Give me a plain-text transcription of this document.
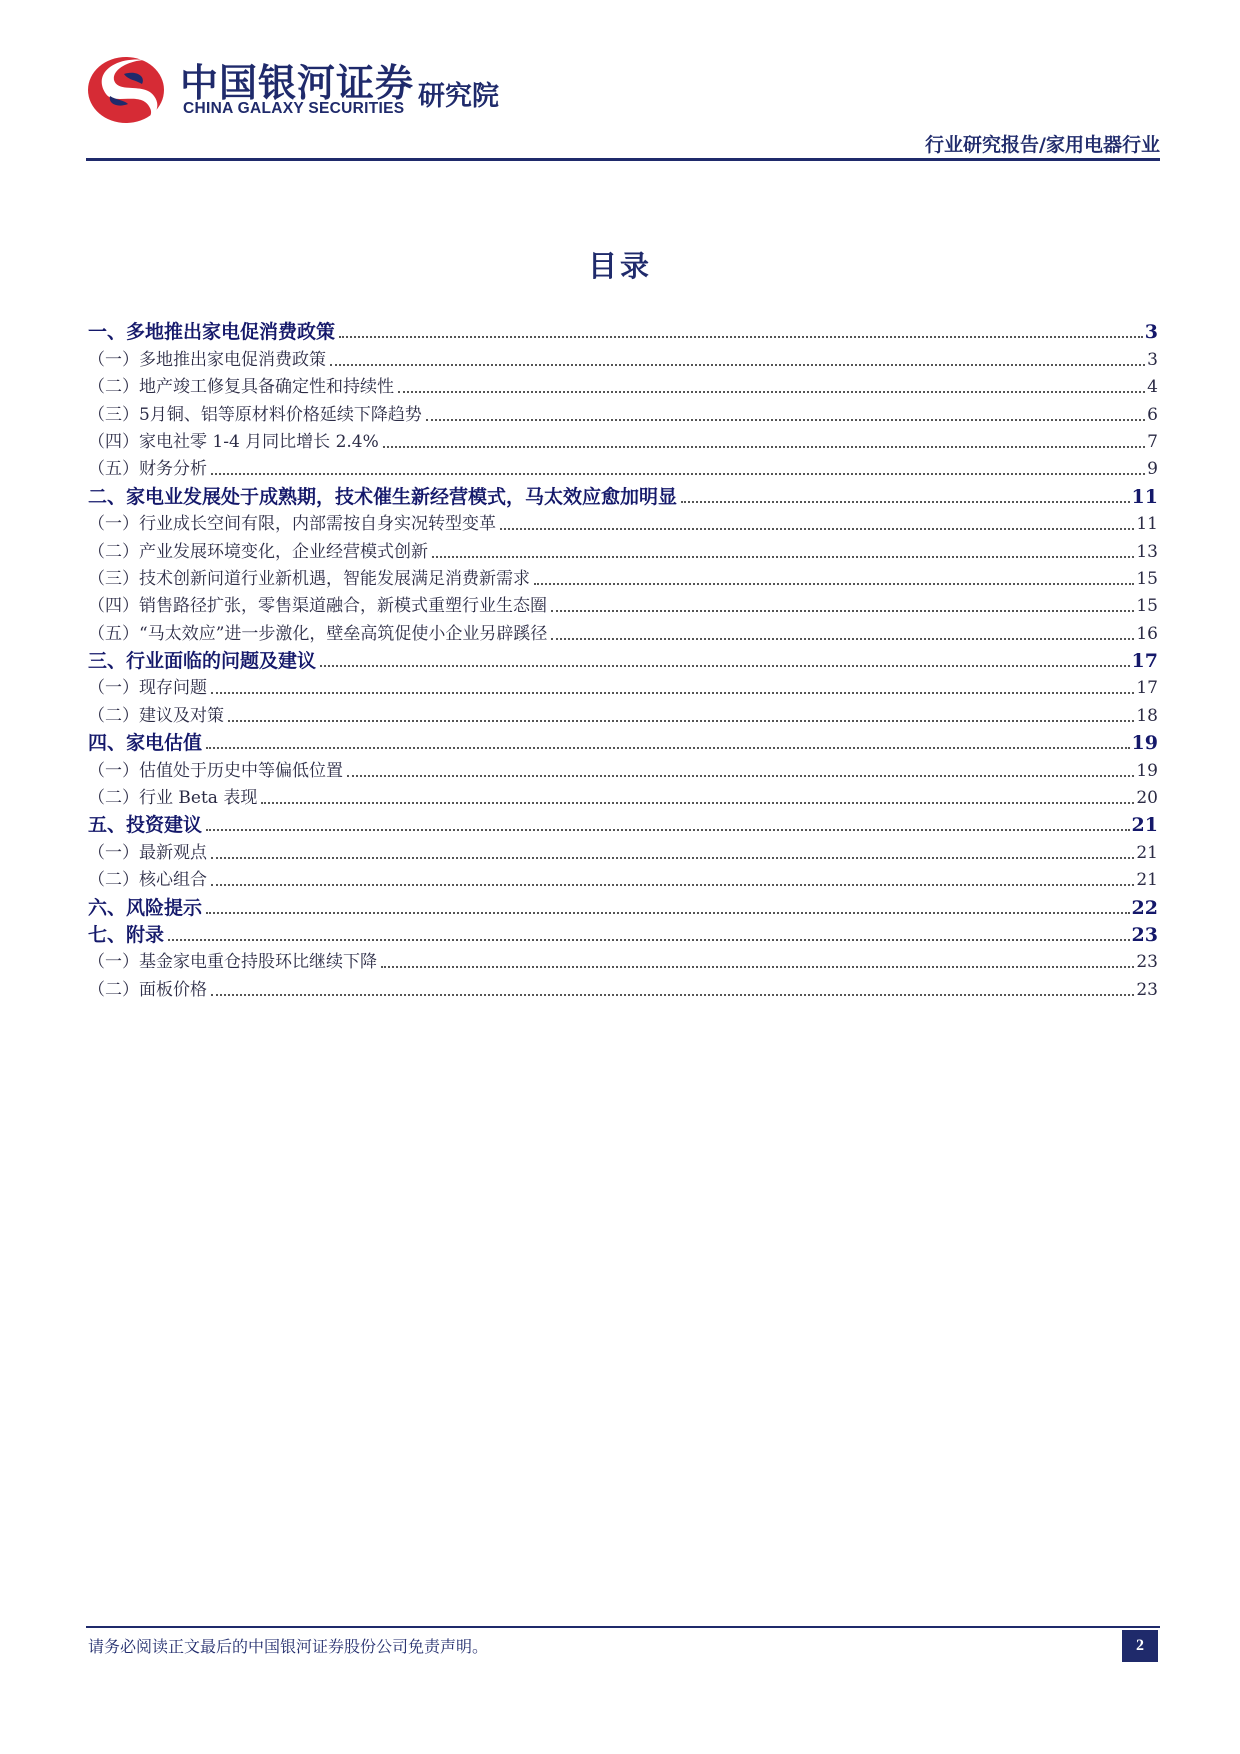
中国银河证券
CHINA GALAXY SECURITIES 研究院
行业研究报告/家用电器行业
目录
一、多地推出家电促消费政策	3
（一）多地推出家电促消费政策	3
（二）地产竣工修复具备确定性和持续性	4
（三）5月铜、铝等原材料价格延续下降趋势	6
（四）家电社零 1-4 月同比增长 2.4%	7
（五）财务分析	9
二、家电业发展处于成熟期，技术催生新经营模式，马太效应愈加明显	11
（一）行业成长空间有限，内部需按自身实况转型变革	11
（二）产业发展环境变化，企业经营模式创新	13
（三）技术创新问道行业新机遇，智能发展满足消费新需求	15
（四）销售路径扩张，零售渠道融合，新模式重塑行业生态圈	15
（五）“马太效应”进一步激化，壁垒高筑促使小企业另辟蹊径	16
三、行业面临的问题及建议	17
（一）现存问题	17
（二）建议及对策	18
四、家电估值	19
（一）估值处于历史中等偏低位置	19
（二）行业 Beta 表现	20
五、投资建议	21
（一）最新观点	21
（二）核心组合	21
六、风险提示	22
七、附录	23
（一）基金家电重仓持股环比继续下降	23
（二）面板价格	23
请务必阅读正文最后的中国银河证券股份公司免责声明。	2
